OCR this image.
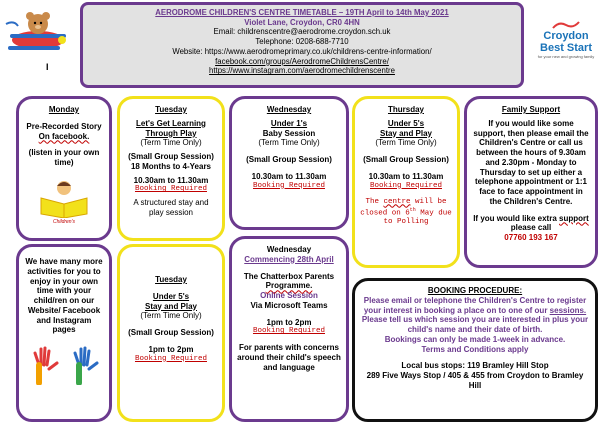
I
AERODROME CHILDREN'S CENTRE TIMETABLE – 19TH April to 14th May 2021
Violet Lane, Croydon, CR0 4HN
Email: childrenscentre@aerodrome.croydon.sch.uk
Telephone: 0208-688-7710
Website: https://www.aerodromeprimary.co.uk/childrens-centre-information/
facebook.com/groups/AerodromeChildrensCentre/
https://www.instagram.com/aerodromechildrenscentre
Croydon
Best Start
for your new and growing family
Monday
Pre-Recorded Story
On facebook.
(listen in your own time)
Children's
Tuesday
Let's Get Learning Through Play
(Term Time Only)
(Small Group Session) 18 Months to 4-Years
10.30am to 11.30am
Booking Required
A structured stay and play session
Wednesday
Under 1's
Baby Session
(Term Time Only)
(Small Group Session)
10.30am to 11.30am
Booking Required
Thursday
Under 5's
Stay and Play
(Term Time Only)
(Small Group Session)
10.30am to 11.30am
Booking Required
The centre will be closed on 6th May due to Polling
Family Support
If you would like some support, then please email the Children's Centre or call us between the hours of 9.30am and 2.30pm - Monday to Thursday to set up either a telephone appointment or 1:1 face to face appointment in the Children's Centre.
If you would like extra support please call
07760 193 167
We have many more activities for you to enjoy in your own time with your child/ren on our Website/ Facebook and Instagram pages
Tuesday
Under 5's
Stay and Play
(Term Time Only)
(Small Group Session)
1pm to 2pm
Booking Required
Wednesday
Commencing 28th April
The Chatterbox Parents
Programme.
Online Session
Via Microsoft Teams
1pm to 2pm
Booking Required
For parents with concerns around their child's speech and language
BOOKING PROCEDURE:
Please email or telephone the Children's Centre to register your interest in booking a place on to one of our sessions. Please tell us which session you are interested in plus your child's name and their date of birth.
Bookings can only be made 1-week in advance.
Terms and Conditions apply
Local bus stops: 119 Bramley Hill Stop
289 Five Ways Stop / 405 & 455 from Croydon to Bramley Hill
